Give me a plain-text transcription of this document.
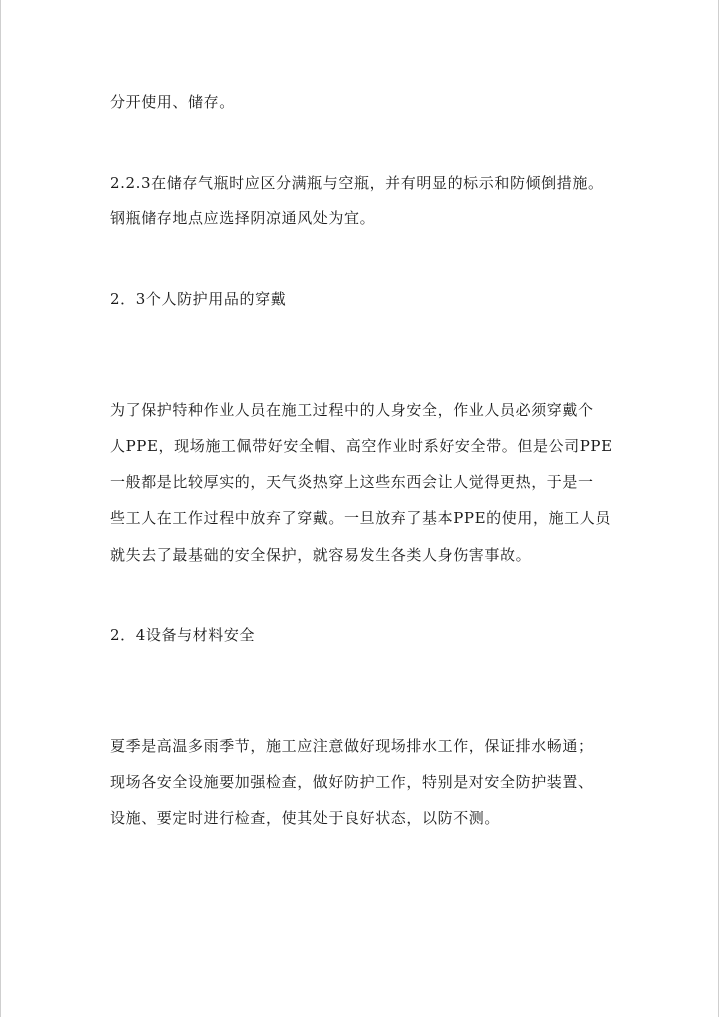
分开使用、储存。
2.2.3在储存气瓶时应区分满瓶与空瓶，并有明显的标示和防倾倒措施。
钢瓶储存地点应选择阴凉通风处为宜。
2．3个人防护用品的穿戴
为了保护特种作业人员在施工过程中的人身安全，作业人员必须穿戴个
人PPE，现场施工佩带好安全帽、高空作业时系好安全带。但是公司PPE
一般都是比较厚实的，天气炎热穿上这些东西会让人觉得更热，于是一
些工人在工作过程中放弃了穿戴。一旦放弃了基本PPE的使用，施工人员
就失去了最基础的安全保护，就容易发生各类人身伤害事故。
2．4设备与材料安全
夏季是高温多雨季节，施工应注意做好现场排水工作，保证排水畅通；
现场各安全设施要加强检查，做好防护工作，特别是对安全防护装置、
设施、要定时进行检查，使其处于良好状态，以防不测。
